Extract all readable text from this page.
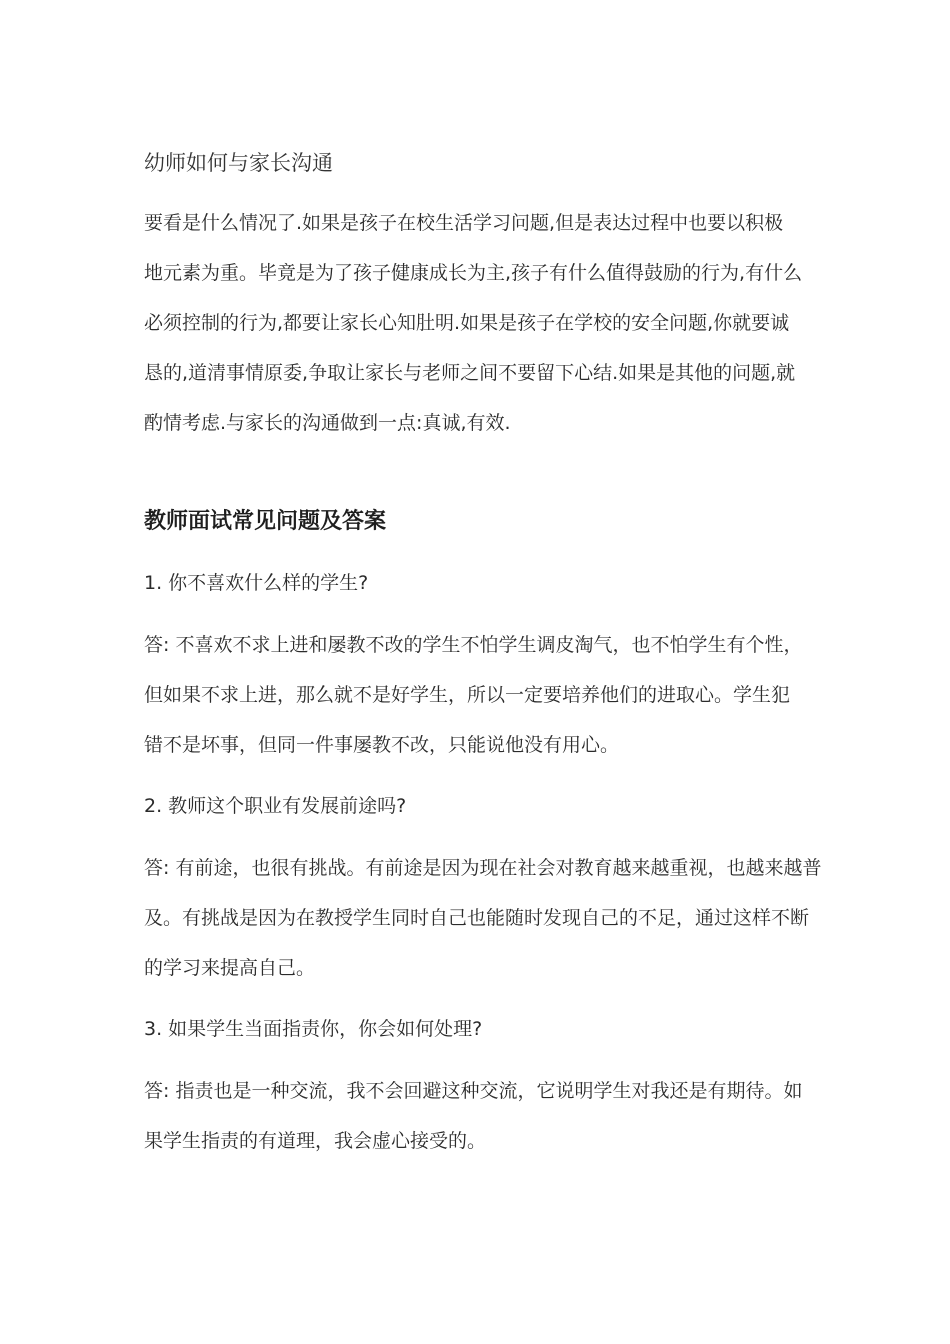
幼师如何与家长沟通
要看是什么情况了.如果是孩子在校生活学习问题,但是表达过程中也要以积极
地元素为重。毕竟是为了孩子健康成长为主,孩子有什么值得鼓励的行为,有什么
必须控制的行为,都要让家长心知肚明.如果是孩子在学校的安全问题,你就要诚
恳的,道清事情原委,争取让家长与老师之间不要留下心结.如果是其他的问题,就
酌情考虑.与家长的沟通做到一点:真诚,有效.
教师面试常见问题及答案

1. 你不喜欢什么样的学生?

答: 不喜欢不求上进和屡教不改的学生不怕学生调皮淘气，也不怕学生有个性，
但如果不求上进，那么就不是好学生，所以一定要培养他们的进取心。学生犯
错不是坏事，但同一件事屡教不改，只能说他没有用心。

2. 教师这个职业有发展前途吗?

答: 有前途，也很有挑战。有前途是因为现在社会对教育越来越重视，也越来越普
及。有挑战是因为在教授学生同时自己也能随时发现自己的不足，通过这样不断
的学习来提高自己。

3. 如果学生当面指责你，你会如何处理?

答: 指责也是一种交流，我不会回避这种交流，它说明学生对我还是有期待。如
果学生指责的有道理，我会虚心接受的。
